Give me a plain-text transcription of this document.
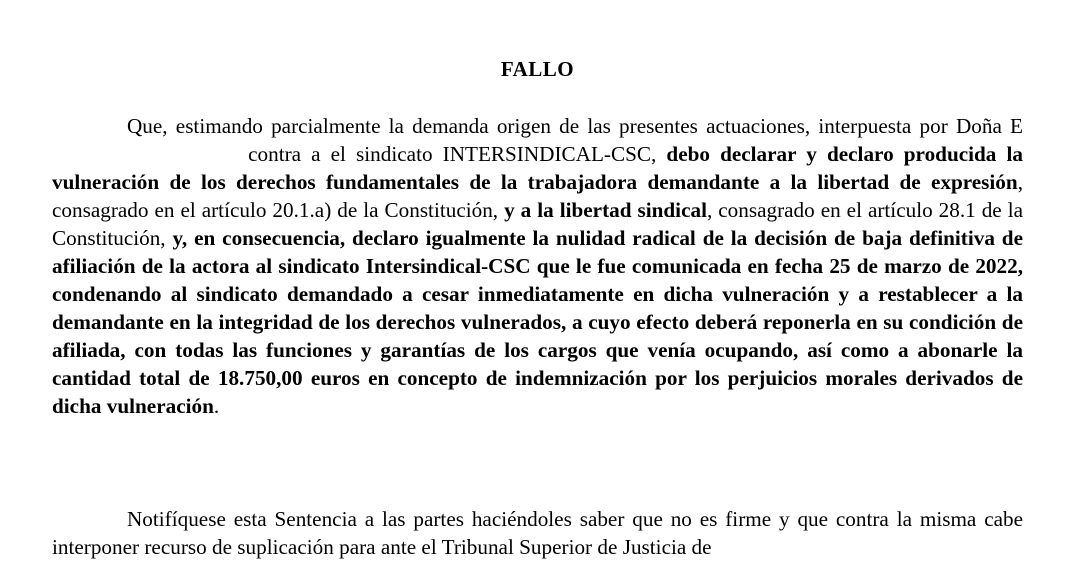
FALLO
Que, estimando parcialmente la demanda origen de las presentes actuaciones, interpuesta por Doña E contra a el sindicato INTERSINDICAL-CSC, debo declarar y declaro producida la vulneración de los derechos fundamentales de la trabajadora demandante a la libertad de expresión, consagrado en el artículo 20.1.a) de la Constitución, y a la libertad sindical, consagrado en el artículo 28.1 de la Constitución, y, en consecuencia, declaro igualmente la nulidad radical de la decisión de baja definitiva de afiliación de la actora al sindicato Intersindical-CSC que le fue comunicada en fecha 25 de marzo de 2022, condenando al sindicato demandado a cesar inmediatamente en dicha vulneración y a restablecer a la demandante en la integridad de los derechos vulnerados, a cuyo efecto deberá reponerla en su condición de afiliada, con todas las funciones y garantías de los cargos que venía ocupando, así como a abonarle la cantidad total de 18.750,00 euros en concepto de indemnización por los perjuicios morales derivados de dicha vulneración.
Notifíquese esta Sentencia a las partes haciéndoles saber que no es firme y que contra la misma cabe interponer recurso de suplicación para ante el Tribunal Superior de Justicia de
